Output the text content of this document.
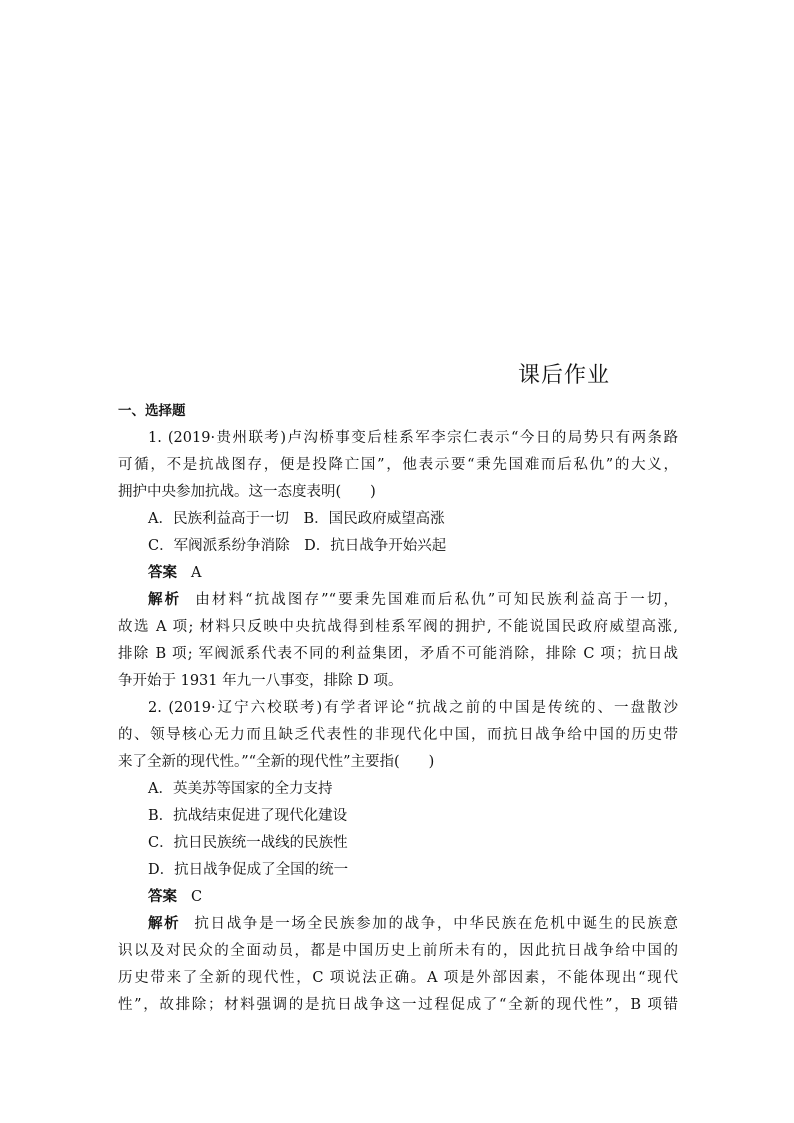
课后作业
一、选择题
1. (2019·贵州联考)卢沟桥事变后桂系军李宗仁表示“今日的局势只有两条路
可循，不是抗战图存，便是投降亡国”，他表示要“秉先国难而后私仇”的大义，
拥护中央参加抗战。这一态度表明(　　)
A．民族利益高于一切　B．国民政府威望高涨
C．军阀派系纷争消除　D．抗日战争开始兴起
答案 A
解析 由材料“抗战图存”“要秉先国难而后私仇”可知民族利益高于一切，
故选 A 项; 材料只反映中央抗战得到桂系军阀的拥护, 不能说国民政府威望高涨,
排除 B 项; 军阀派系代表不同的利益集团，矛盾不可能消除，排除 C 项；抗日战
争开始于 1931 年九一八事变，排除 D 项。
2. (2019·辽宁六校联考)有学者评论“抗战之前的中国是传统的、一盘散沙
的、领导核心无力而且缺乏代表性的非现代化中国，而抗日战争给中国的历史带
来了全新的现代性。”“全新的现代性”主要指(　　)
A．英美苏等国家的全力支持
B．抗战结束促进了现代化建设
C．抗日民族统一战线的民族性
D．抗日战争促成了全国的统一
答案 C
解析 抗日战争是一场全民族参加的战争，中华民族在危机中诞生的民族意
识以及对民众的全面动员，都是中国历史上前所未有的，因此抗日战争给中国的
历史带来了全新的现代性，C 项说法正确。A 项是外部因素，不能体现出“现代
性”，故排除；材料强调的是抗日战争这一过程促成了“全新的现代性”，B 项错
